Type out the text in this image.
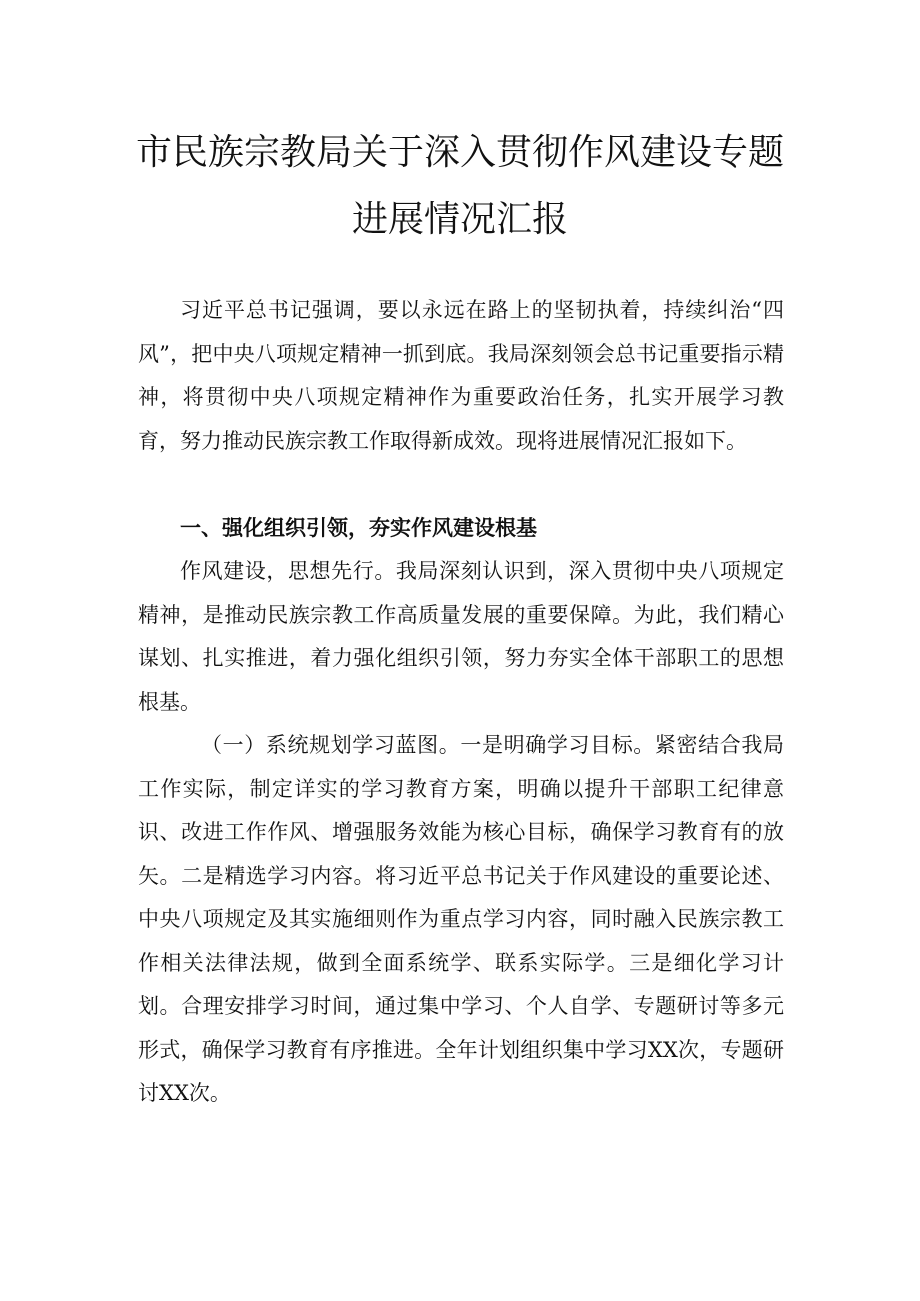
市民族宗教局关于深入贯彻作风建设专题
进展情况汇报

习近平总书记强调，要以永远在路上的坚韧执着，持续纠治“四风”，把中央八项规定精神一抓到底。我局深刻领会总书记重要指示精神，将贯彻中央八项规定精神作为重要政治任务，扎实开展学习教育，努力推动民族宗教工作取得新成效。现将进展情况汇报如下。

一、强化组织引领，夯实作风建设根基

作风建设，思想先行。我局深刻认识到，深入贯彻中央八项规定精神，是推动民族宗教工作高质量发展的重要保障。为此，我们精心谋划、扎实推进，着力强化组织引领，努力夯实全体干部职工的思想根基。

（一）系统规划学习蓝图。一是明确学习目标。紧密结合我局工作实际，制定详实的学习教育方案，明确以提升干部职工纪律意识、改进工作作风、增强服务效能为核心目标，确保学习教育有的放矢。二是精选学习内容。将习近平总书记关于作风建设的重要论述、中央八项规定及其实施细则作为重点学习内容，同时融入民族宗教工作相关法律法规，做到全面系统学、联系实际学。三是细化学习计划。合理安排学习时间，通过集中学习、个人自学、专题研讨等多元形式，确保学习教育有序推进。全年计划组织集中学习XX次，专题研讨XX次。
